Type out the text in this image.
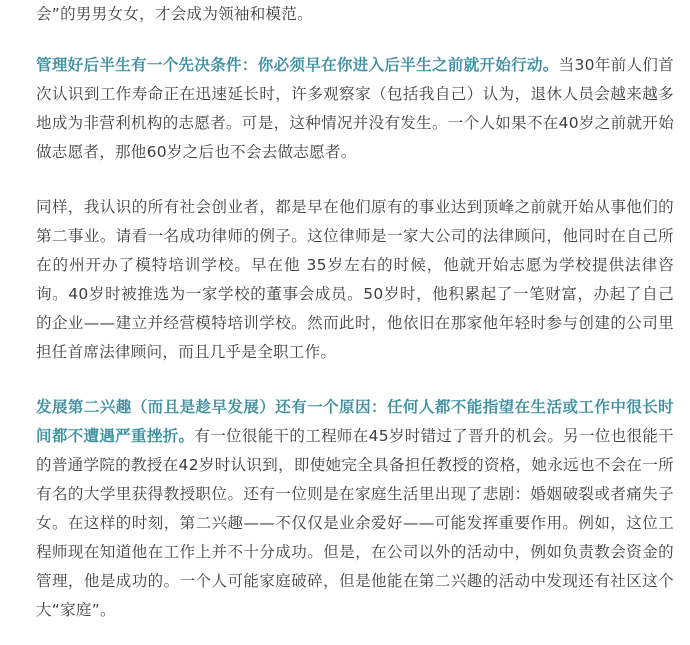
会”的男男女女，才会成为领袖和模范。

管理好后半生有一个先决条件：你必须早在你进入后半生之前就开始行动。当30年前人们首次认识到工作寿命正在迅速延长时，许多观察家（包括我自己）认为，退休人员会越来越多地成为非营利机构的志愿者。可是，这种情况并没有发生。一个人如果不在40岁之前就开始做志愿者，那他60岁之后也不会去做志愿者。

同样，我认识的所有社会创业者，都是早在他们原有的事业达到顶峰之前就开始从事他们的第二事业。请看一名成功律师的例子。这位律师是一家大公司的法律顾问，他同时在自己所在的州开办了模特培训学校。早在他 35岁左右的时候，他就开始志愿为学校提供法律咨询。40岁时被推选为一家学校的董事会成员。50岁时，他积累起了一笔财富，办起了自己的企业——建立并经营模特培训学校。然而此时，他依旧在那家他年轻时参与创建的公司里担任首席法律顾问，而且几乎是全职工作。

发展第二兴趣（而且是趁早发展）还有一个原因：任何人都不能指望在生活或工作中很长时间都不遭遇严重挫折。有一位很能干的工程师在45岁时错过了晋升的机会。另一位也很能干的普通学院的教授在42岁时认识到，即使她完全具备担任教授的资格，她永远也不会在一所有名的大学里获得教授职位。还有一位则是在家庭生活里出现了悲剧：婚姻破裂或者痛失子女。在这样的时刻，第二兴趣——不仅仅是业余爱好——可能发挥重要作用。例如，这位工程师现在知道他在工作上并不十分成功。但是，在公司以外的活动中，例如负责教会资金的管理，他是成功的。一个人可能家庭破碎，但是他能在第二兴趣的活动中发现还有社区这个大“家庭”。
